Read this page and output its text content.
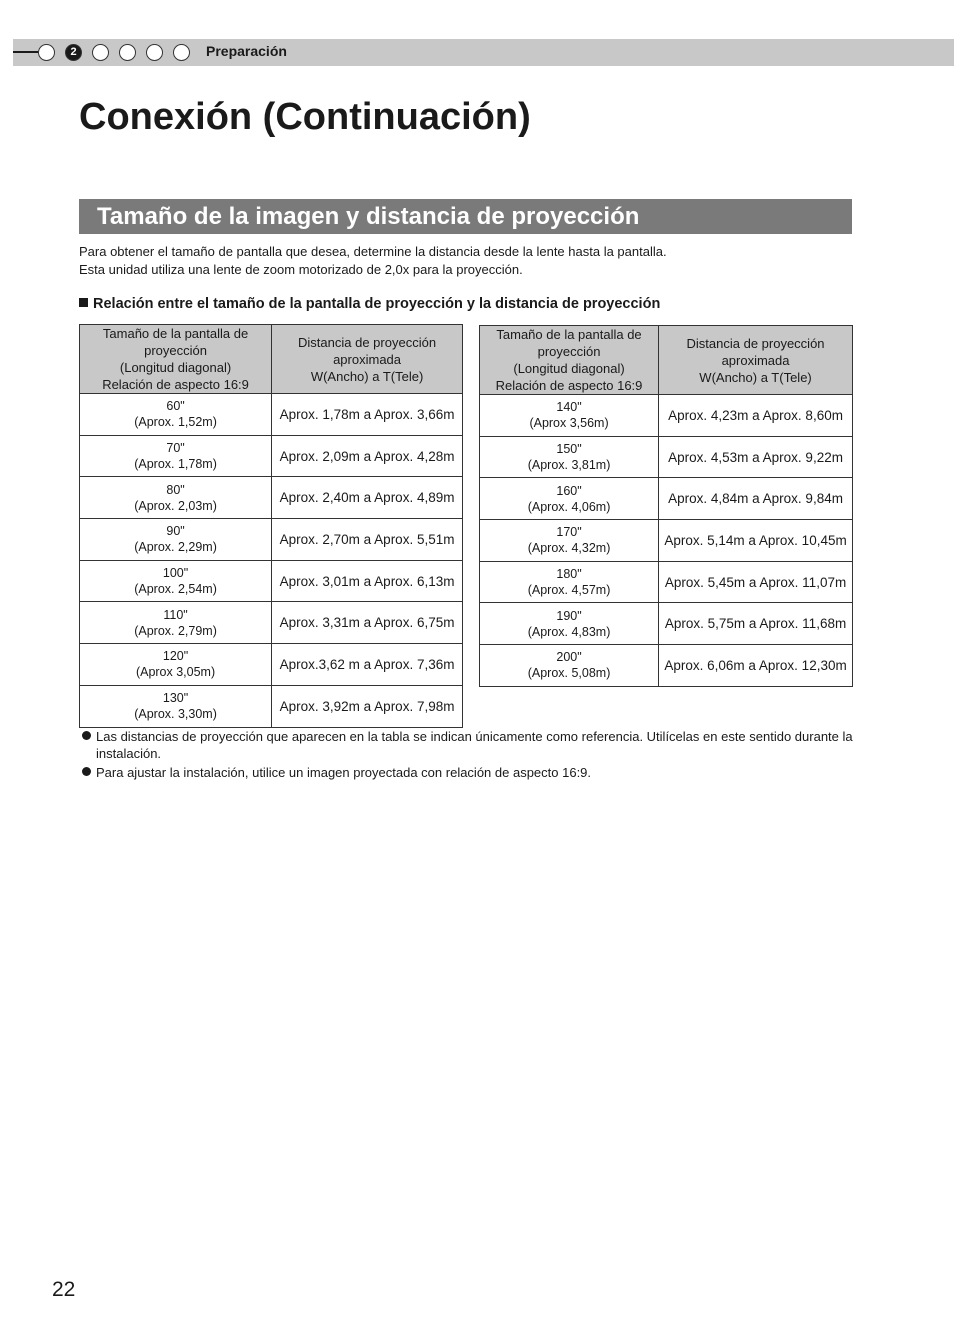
2	Preparación
Conexión (Continuación)
Tamaño de la imagen y distancia de proyección

Para obtener el tamaño de pantalla que desea, determine la distancia desde la lente hasta la pantalla.

Esta unidad utiliza una lente de zoom motorizado de 2,0x para la proyección.

Relación entre el tamaño de la pantalla de proyección y la distancia de proyección
Tamaño de la pantalla de
proyección
(Longitud diagonal)
Relación de aspecto 16:9	Distancia de proyección
aproximada
W(Ancho) a T(Tele)

60"
(Aprox. 1,52m)	Aprox. 1,78m a Aprox. 3,66m

70"
(Aprox. 1,78m)	Aprox. 2,09m a Aprox. 4,28m

80"
(Aprox. 2,03m)	Aprox. 2,40m a Aprox. 4,89m

90"
(Aprox. 2,29m)	Aprox. 2,70m a Aprox. 5,51m

100"
(Aprox. 2,54m)	Aprox. 3,01m a Aprox. 6,13m

110"
(Aprox. 2,79m)	Aprox. 3,31m a Aprox. 6,75m

120"
(Aprox 3,05m)	Aprox.3,62 m a Aprox. 7,36m

130"
(Aprox. 3,30m)	Aprox. 3,92m a Aprox. 7,98m
Tamaño de la pantalla de
proyección
(Longitud diagonal)
Relación de aspecto 16:9	Distancia de proyección
aproximada
W(Ancho) a T(Tele)

140"
(Aprox 3,56m)	Aprox. 4,23m a Aprox. 8,60m

150"
(Aprox. 3,81m)	Aprox. 4,53m a Aprox. 9,22m

160"
(Aprox. 4,06m)	Aprox. 4,84m a Aprox. 9,84m

170"
(Aprox. 4,32m)	Aprox. 5,14m a Aprox. 10,45m

180"
(Aprox. 4,57m)	Aprox. 5,45m a Aprox. 11,07m

190"
(Aprox. 4,83m)	Aprox. 5,75m a Aprox. 11,68m

200"
(Aprox. 5,08m)	Aprox. 6,06m a Aprox. 12,30m
Las distancias de proyección que aparecen en la tabla se indican únicamente como referencia. Utilícelas en este sentido durante la instalación.
Para ajustar la instalación, utilice un imagen proyectada con relación de aspecto 16:9.
22
